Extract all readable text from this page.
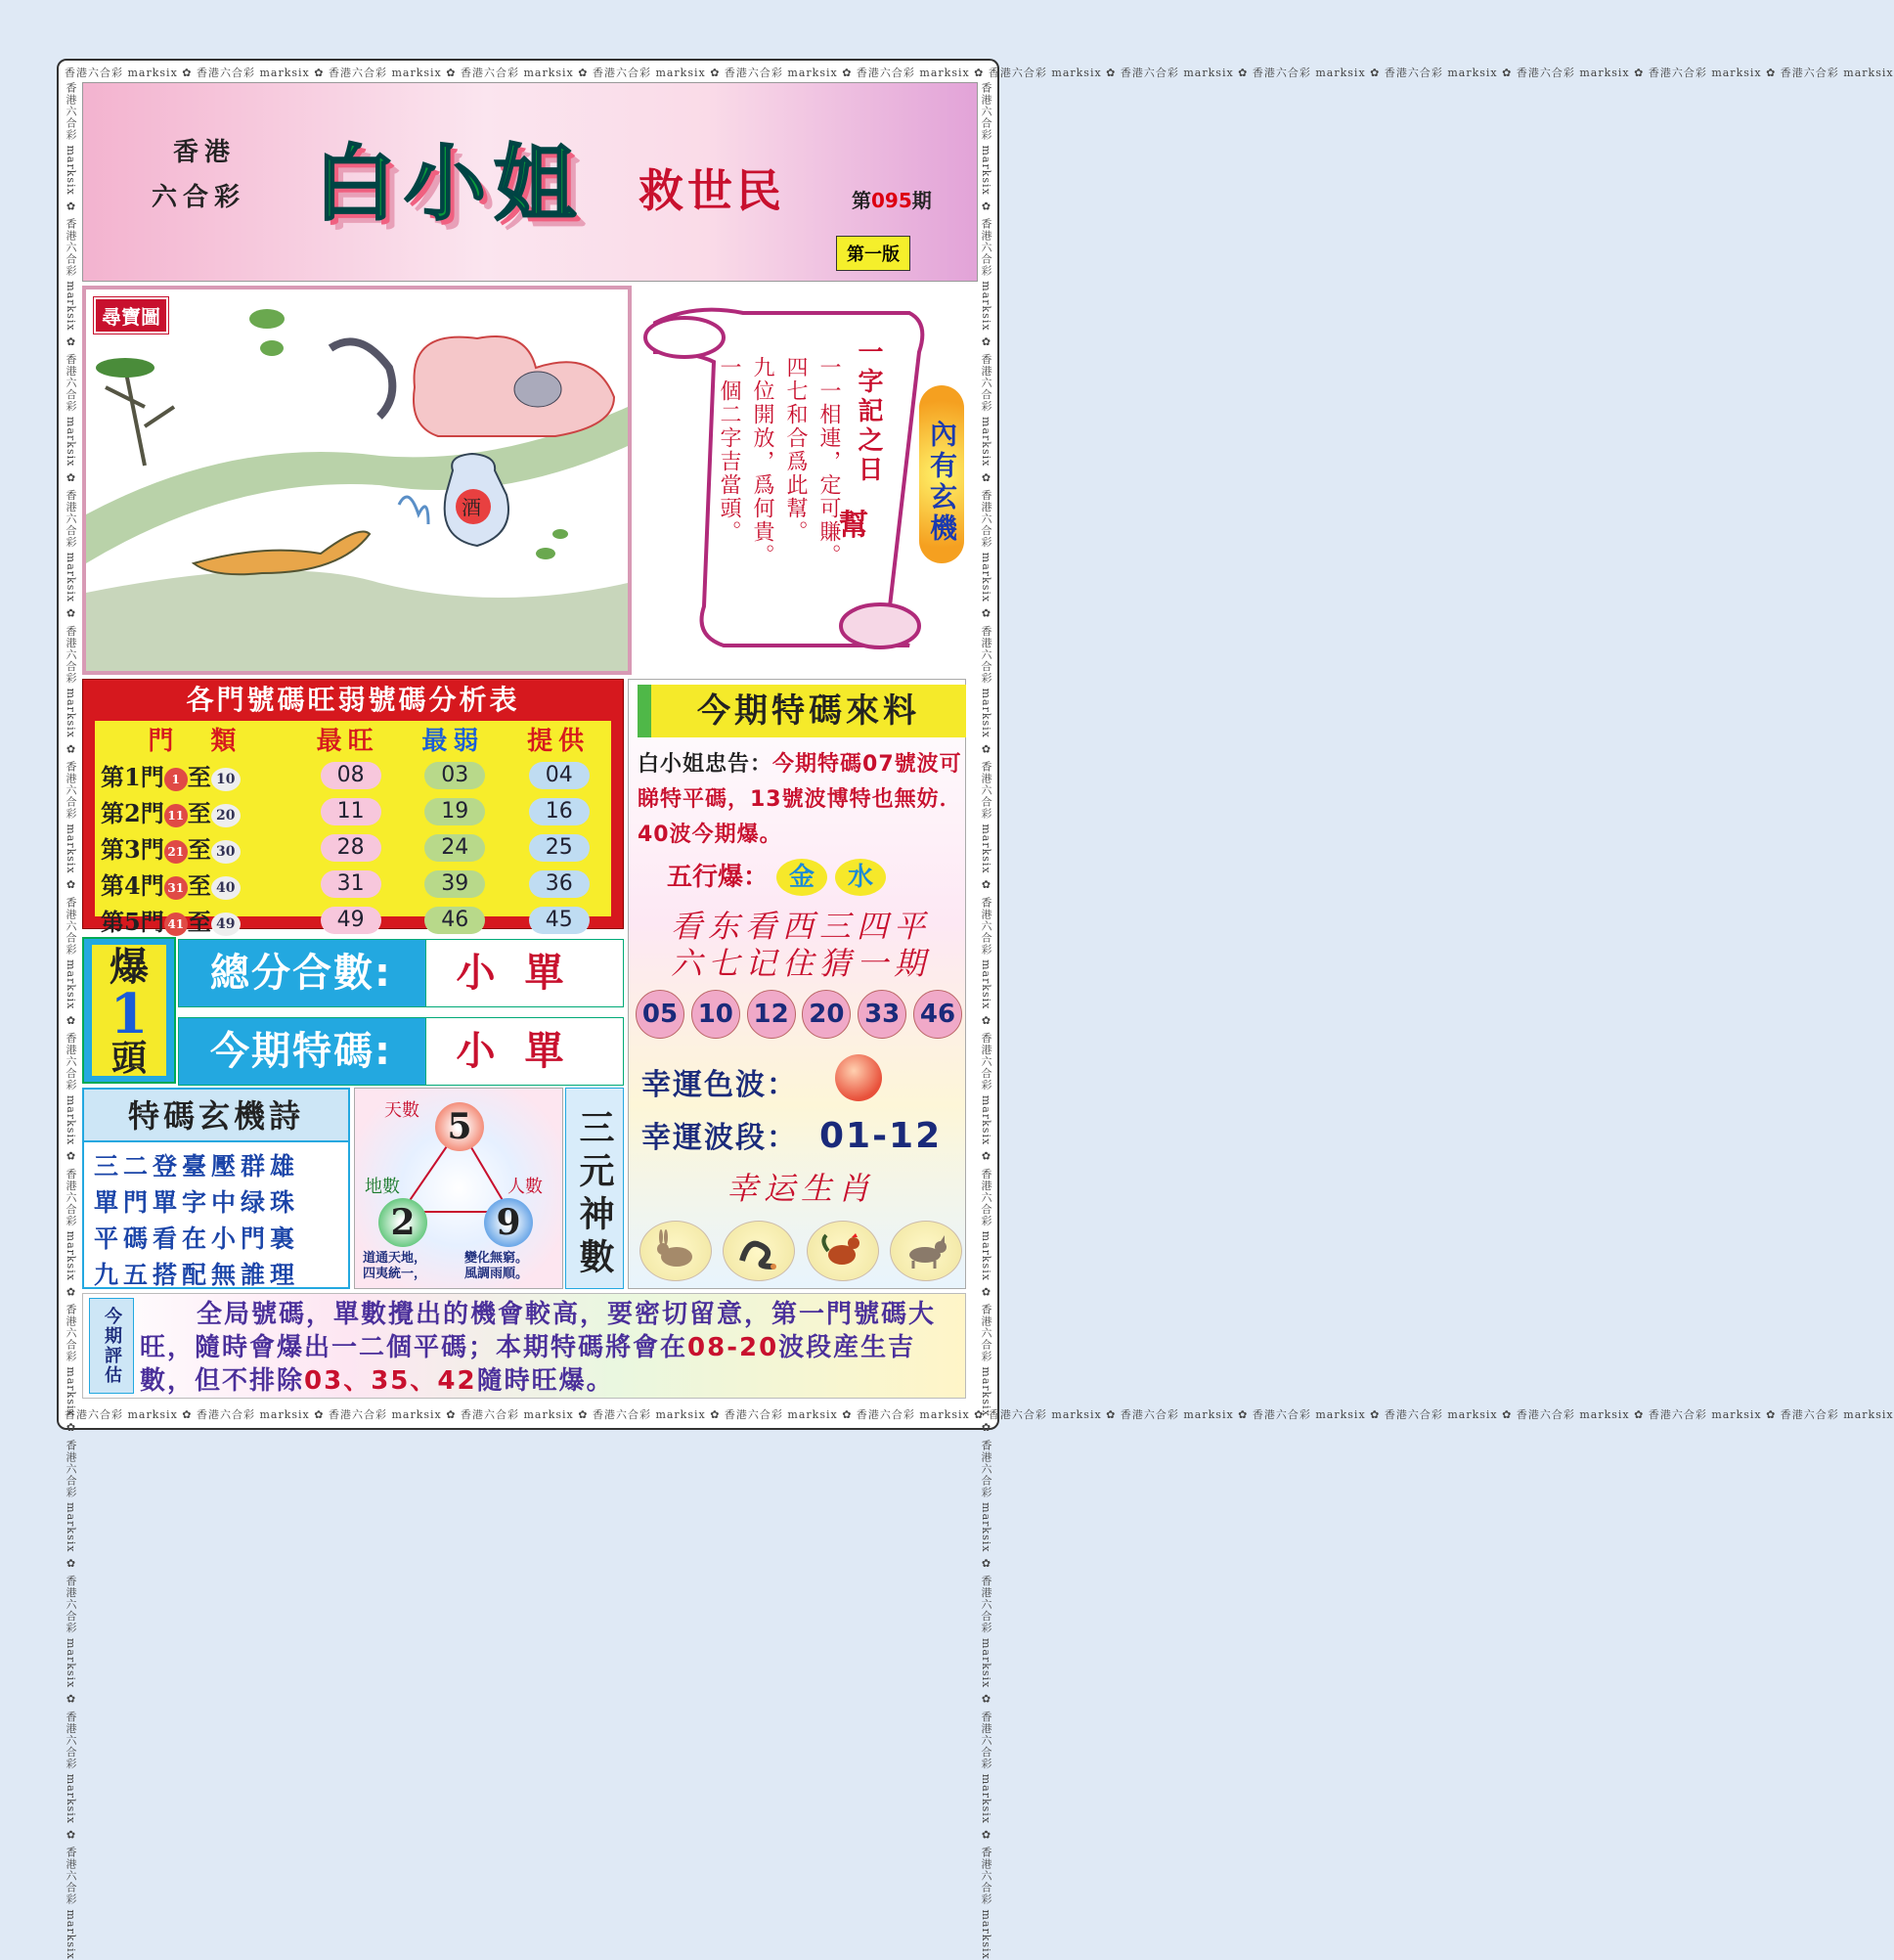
香港六合彩 marksix ✿ 香港六合彩 marksix ✿ 香港六合彩 marksix ✿ 香港六合彩 marksix ✿ 香港六合彩 marksix ✿ 香港六合彩 marksix ✿ 香港六合彩 marksix ✿ 香港六合彩 marksix ✿ 香港六合彩 marksix ✿ 香港六合彩 marksix ✿ 香港六合彩 marksix ✿ 香港六合彩 marksix ✿ 香港六合彩 marksix ✿ 香港六合彩 marksix
香港六合彩 marksix ✿ 香港六合彩 marksix ✿ 香港六合彩 marksix ✿ 香港六合彩 marksix ✿ 香港六合彩 marksix ✿ 香港六合彩 marksix ✿ 香港六合彩 marksix ✿ 香港六合彩 marksix ✿ 香港六合彩 marksix ✿ 香港六合彩 marksix ✿ 香港六合彩 marksix ✿ 香港六合彩 marksix ✿ 香港六合彩 marksix ✿ 香港六合彩 marksix
香港六合彩 marksix ✿ 香港六合彩 marksix ✿ 香港六合彩 marksix ✿ 香港六合彩 marksix ✿ 香港六合彩 marksix ✿ 香港六合彩 marksix ✿ 香港六合彩 marksix ✿ 香港六合彩 marksix ✿ 香港六合彩 marksix ✿ 香港六合彩 marksix ✿ 香港六合彩 marksix ✿ 香港六合彩 marksix ✿ 香港六合彩 marksix ✿ 香港六合彩 marksix	香港六合彩 marksix ✿ 香港六合彩 marksix ✿ 香港六合彩 marksix ✿ 香港六合彩 marksix ✿ 香港六合彩 marksix ✿ 香港六合彩 marksix ✿ 香港六合彩 marksix ✿ 香港六合彩 marksix ✿ 香港六合彩 marksix ✿ 香港六合彩 marksix ✿ 香港六合彩 marksix ✿ 香港六合彩 marksix ✿ 香港六合彩 marksix ✿ 香港六合彩 marksix
香港
六合彩 白小姐 救世民	第095期
第一版
尋寶圖
酒
一字記之日
幫
一一相連，定可賺。
四七和合爲此幫。
九位開放，爲何貴。
一個二字吉當頭。	內有玄機
各門號碼旺弱號碼分析表
門　類	最旺	最弱	提供
第1門 1 至 10	08	03	04
第2門 11 至 20	11	19	16
第3門 21 至 30	28	24	25
第4門 31 至 40	31	39	36
第5門 41 至 49	49	46	45
爆
1
頭
總分合數:	小單
今期特碼:	小單
特碼玄機詩
三二登臺壓群雄
單門單字中绿珠
平碼看在小門裏
九五搭配無誰理
天數 5
地數
2
人數
9
道通天地，
四夷統一，
變化無窮。
風調雨順。 三元神數
今期特碼來料
白小姐忠告：今期特碼07號波可睇特平碼，13號波博特也無妨．40波今期爆。
五行爆： 金 水
看东看西三四平
六七记住猜一期
05 10 12 20 33 46
幸運色波：
幸運波段： 01-12
幸运生肖
今期評估	全局號碼，單數攪出的機會較高，要密切留意，第一門號碼大旺，隨時會爆出一二個平碼；本期特碼將會在08-20波段産生吉數，但不排除03、35、42隨時旺爆。
